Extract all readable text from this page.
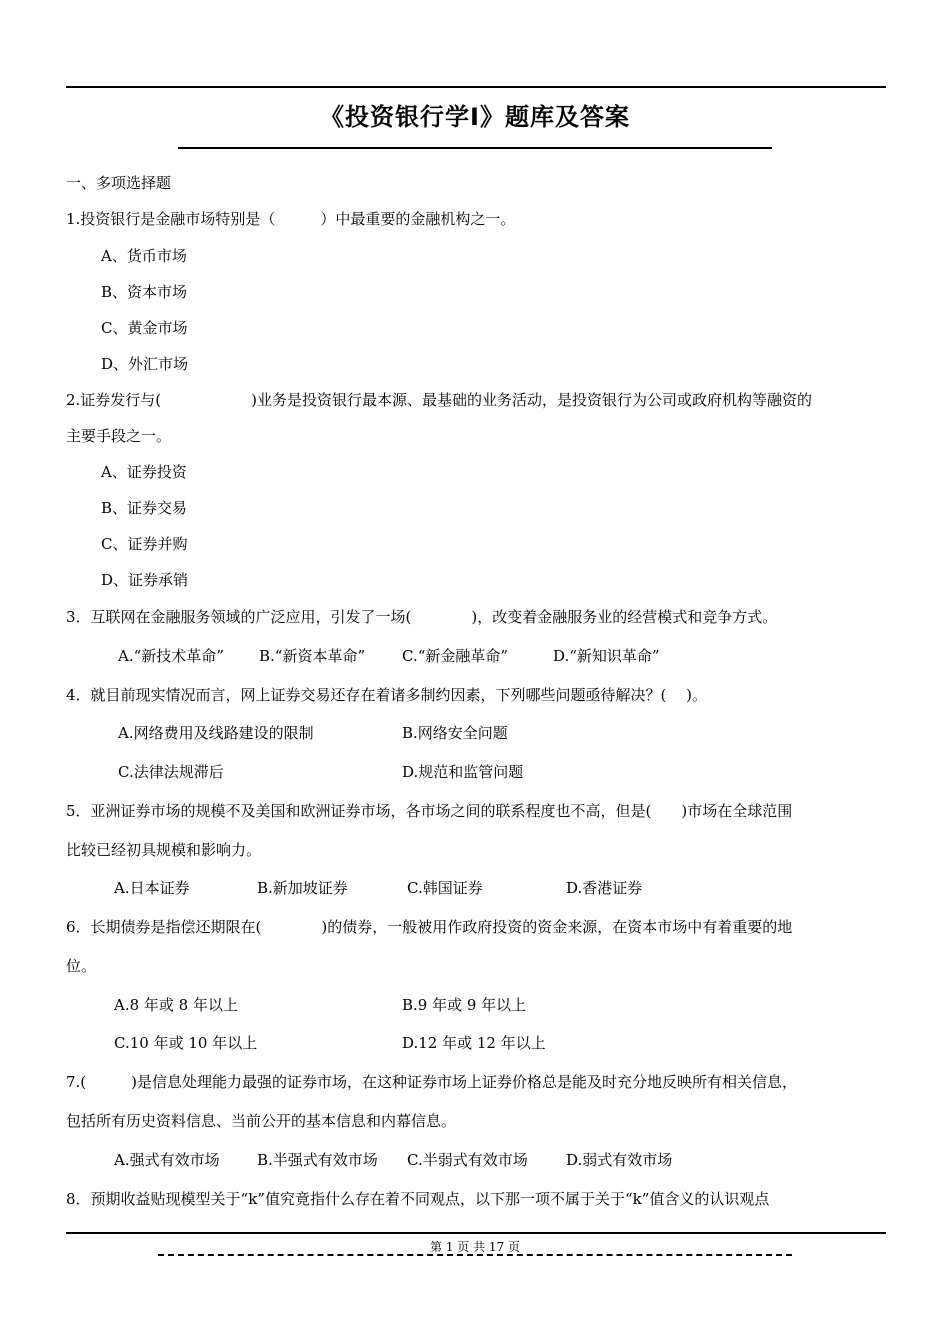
《投资银行学Ⅰ》题库及答案
一、多项选择题
1.投资银行是金融市场特别是（　　　）中最重要的金融机构之一。
A、货币市场
B、资本市场
C、黄金市场
D、外汇市场
2.证券发行与(　　　　　　)业务是投资银行最本源、最基础的业务活动，是投资银行为公司或政府机构等融资的
主要手段之一。
A、证券投资
B、证券交易
C、证券并购
D、证券承销
3．互联网在金融服务领域的广泛应用，引发了一场(　　　　)，改变着金融服务业的经营模式和竞争方式。
A.“新技术革命” B.“新资本革命” C.“新金融革命”	D.“新知识革命”
4．就目前现实情况而言，网上证券交易还存在着诸多制约因素，下列哪些问题亟待解决？(　 )。
A.网络费用及线路建设的限制	B.网络安全问题
C.法律法规滞后	D.规范和监管问题
5．亚洲证券市场的规模不及美国和欧洲证券市场，各市场之间的联系程度也不高，但是(　　)市场在全球范围
比较已经初具规模和影响力。
A.日本证券	B.新加坡证券	C.韩国证券	D.香港证券
6．长期债券是指偿还期限在(　　　　)的债券，一般被用作政府投资的资金来源，在资本市场中有着重要的地
位。
A.8 年或 8 年以上	B.9 年或 9 年以上
C.10 年或 10 年以上	D.12 年或 12 年以上
7.(　　　)是信息处理能力最强的证券市场，在这种证券市场上证券价格总是能及时充分地反映所有相关信息，
包括所有历史资料信息、当前公开的基本信息和内幕信息。
A.强式有效市场 B.半强式有效市场 C.半弱式有效市场	D.弱式有效市场
8．预期收益贴现模型关于“k”值究竟指什么存在着不同观点，以下那一项不属于关于“k”值含义的认识观点
第 1 页 共 17 页
